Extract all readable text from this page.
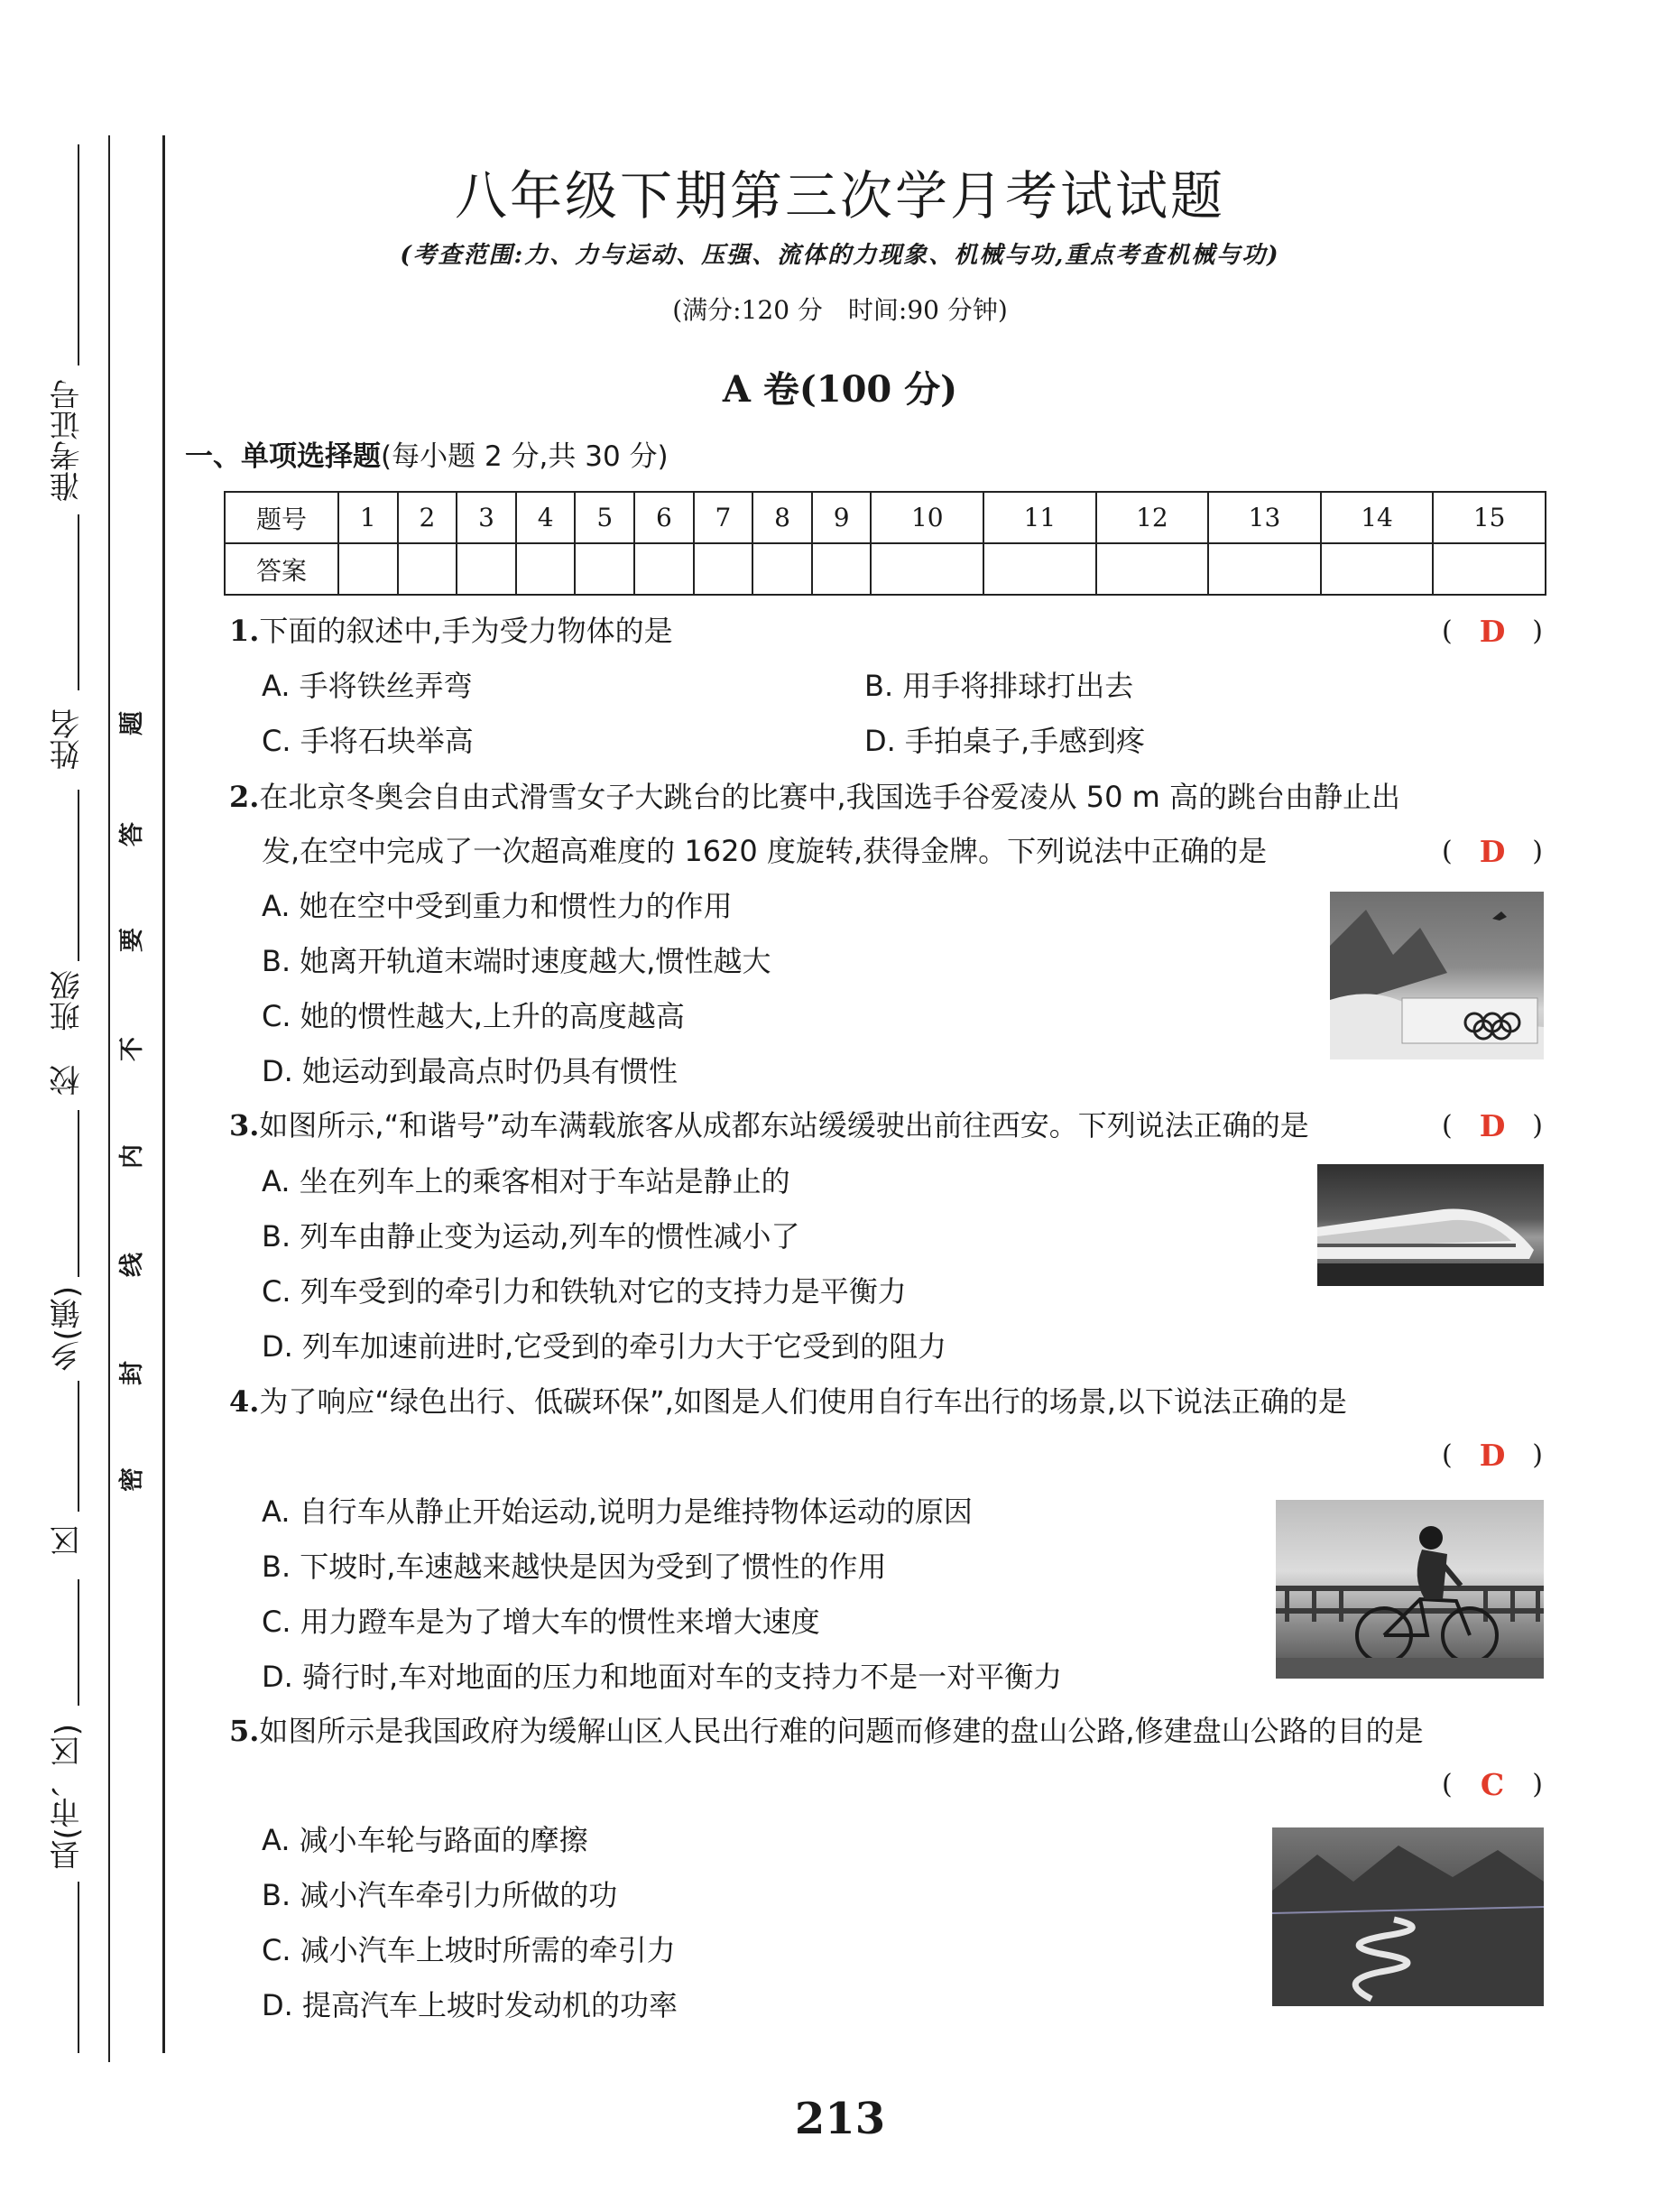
准考证号
姓名
校
班级
乡(镇)
区
县(市、区)
题
答
要
不
内
线
封
密
八年级下期第三次学月考试试题
(考查范围:力、力与运动、压强、流体的力现象、机械与功,重点考查机械与功)
(满分:120 分　时间:90 分钟)
A 卷(100 分)
一、单项选择题(每小题 2 分,共 30 分)
题号	1	2	3	4	5	6	7	8	9	10	11	12	13	14	15
答案															
1.下面的叙述中,手为受力物体的是	( D )
A. 手将铁丝弄弯	B. 用手将排球打出去
C. 手将石块举高	D. 手拍桌子,手感到疼
2.在北京冬奥会自由式滑雪女子大跳台的比赛中,我国选手谷爱凌从 50 m 高的跳台由静止出
发,在空中完成了一次超高难度的 1620 度旋转,获得金牌。下列说法中正确的是	( D )
A. 她在空中受到重力和惯性力的作用
B. 她离开轨道末端时速度越大,惯性越大
C. 她的惯性越大,上升的高度越高
D. 她运动到最高点时仍具有惯性
3.如图所示,“和谐号”动车满载旅客从成都东站缓缓驶出前往西安。下列说法正确的是	( D )
A. 坐在列车上的乘客相对于车站是静止的
B. 列车由静止变为运动,列车的惯性减小了
C. 列车受到的牵引力和铁轨对它的支持力是平衡力
D. 列车加速前进时,它受到的牵引力大于它受到的阻力
4.为了响应“绿色出行、低碳环保”,如图是人们使用自行车出行的场景,以下说法正确的是
( D )
A. 自行车从静止开始运动,说明力是维持物体运动的原因
B. 下坡时,车速越来越快是因为受到了惯性的作用
C. 用力蹬车是为了增大车的惯性来增大速度
D. 骑行时,车对地面的压力和地面对车的支持力不是一对平衡力
5.如图所示是我国政府为缓解山区人民出行难的问题而修建的盘山公路,修建盘山公路的目的是
( C )
A. 减小车轮与路面的摩擦
B. 减小汽车牵引力所做的功
C. 减小汽车上坡时所需的牵引力
D. 提高汽车上坡时发动机的功率
213
